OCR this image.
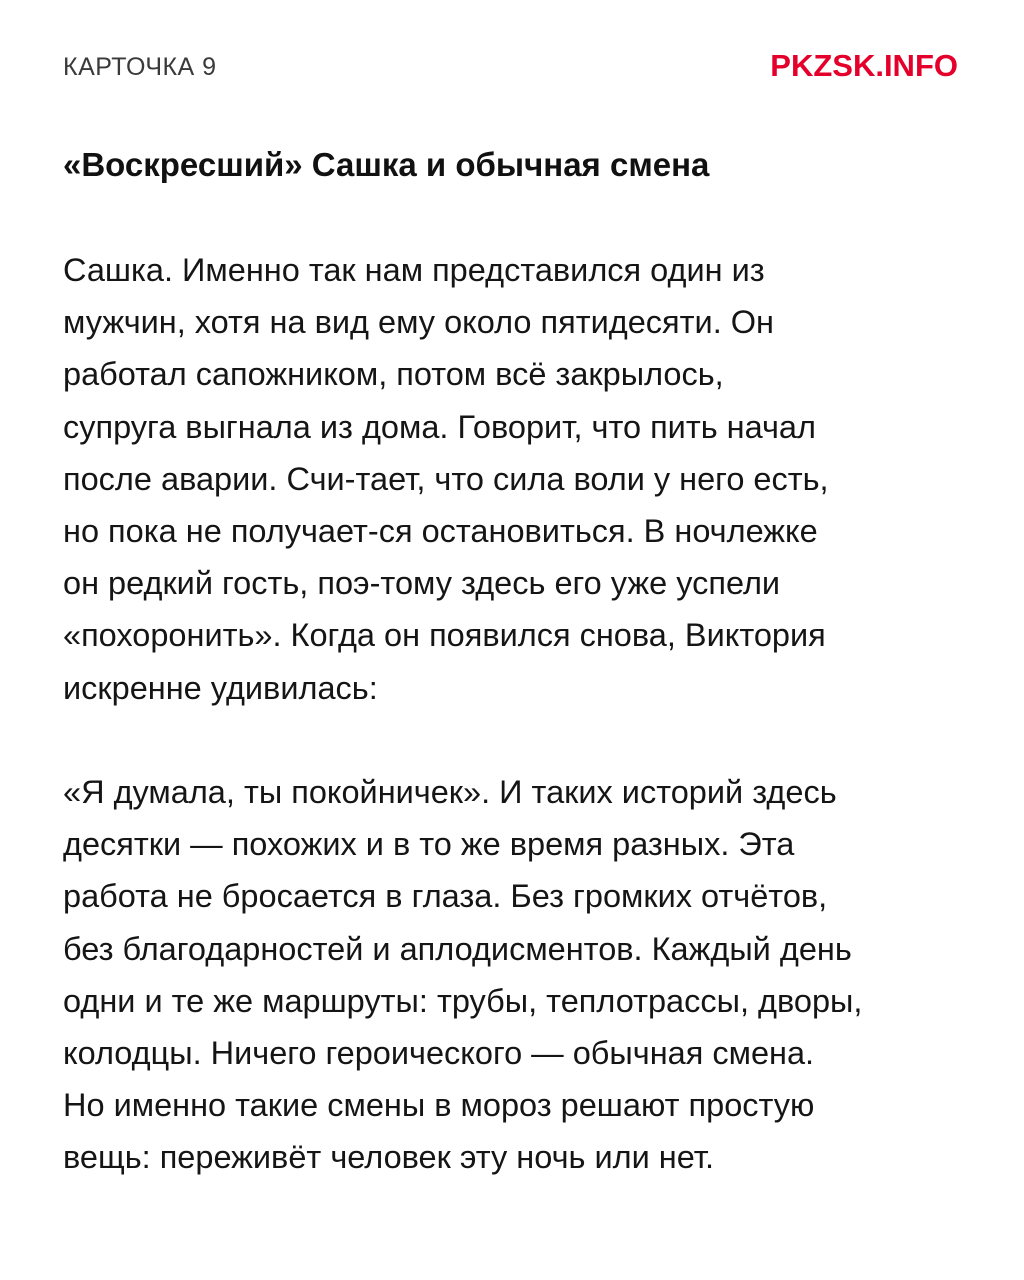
КАРТОЧКА 9	PKZSK.INFO
«Воскресший» Сашка и обычная смена
Сашка. Именно так нам представился один из
мужчин, хотя на вид ему около пятидесяти. Он
работал сапожником, потом всё закрылось,
супруга выгнала из дома. Говорит, что пить начал
после аварии. Счи-тает, что сила воли у него есть,
но пока не получает-ся остановиться. В ночлежке
он редкий гость, поэ-тому здесь его уже успели
«похоронить». Когда он появился снова, Виктория
искренне удивилась:
«Я думала, ты покойничек». И таких историй здесь
десятки — похожих и в то же время разных. Эта
работа не бросается в глаза. Без громких отчётов,
без благодарностей и аплодисментов. Каждый день
одни и те же маршруты: трубы, теплотрассы, дворы,
колодцы. Ничего героического — обычная смена.
Но именно такие смены в мороз решают простую
вещь: переживёт человек эту ночь или нет.
